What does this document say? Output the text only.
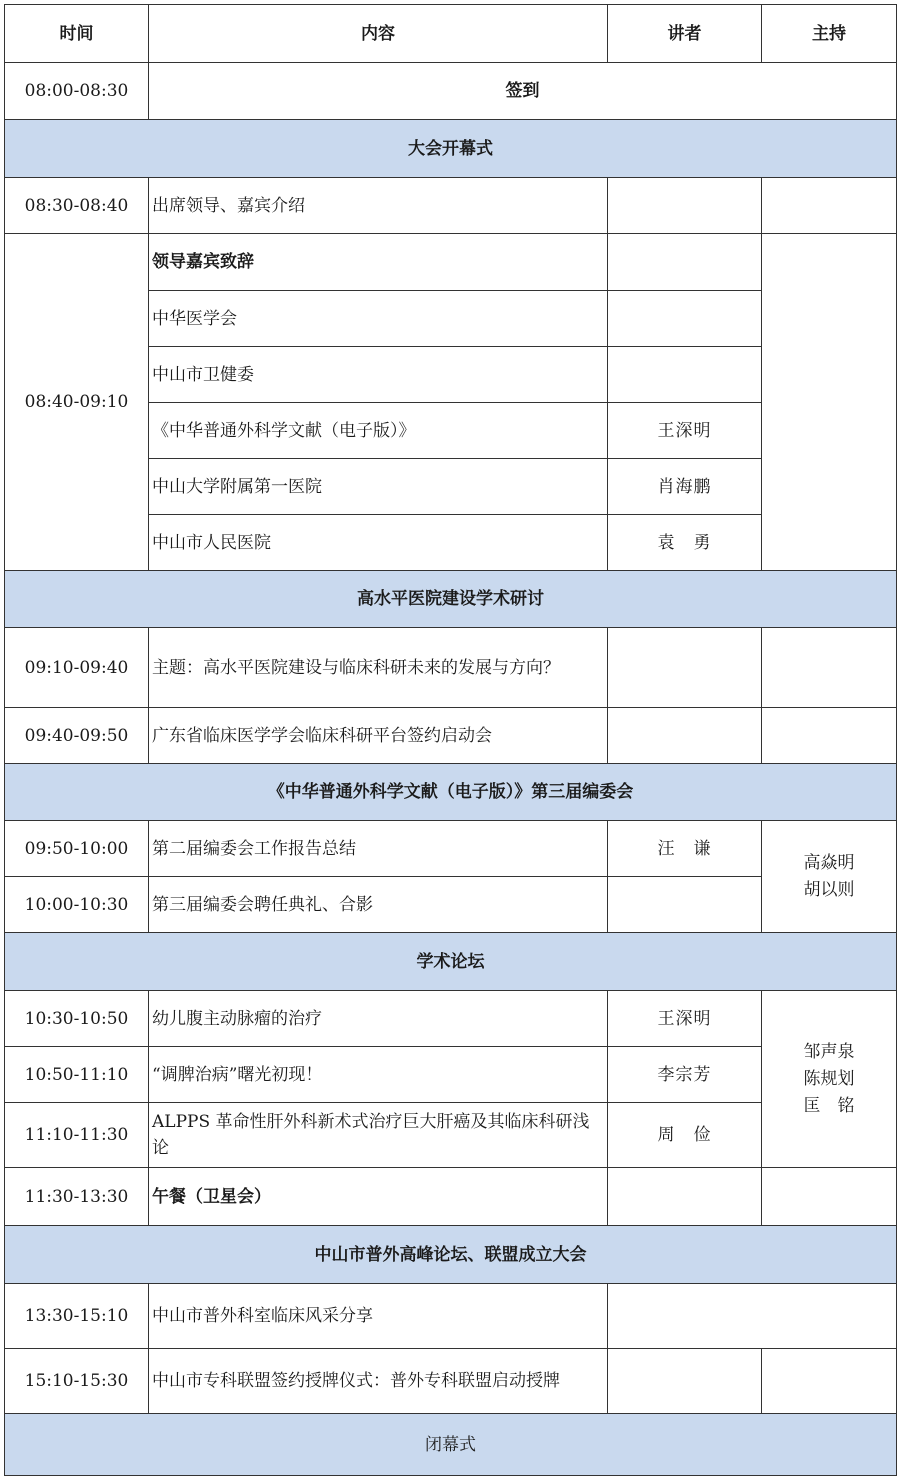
时间	内容	讲者	主持
08:00-08:30	签到		
大会开幕式			
08:30-08:40	出席领导、嘉宾介绍		
08:40-09:10	领导嘉宾致辞		
	中华医学会		
	中山市卫健委		
	《中华普通外科学文献（电子版）》	王深明	
	中山大学附属第一医院	肖海鹏	
	中山市人民医院	袁　勇	
高水平医院建设学术研讨			
09:10-09:40	主题：高水平医院建设与临床科研未来的发展与方向？		
09:40-09:50	广东省临床医学学会临床科研平台签约启动会		
《中华普通外科学文献（电子版）》第三届编委会			
09:50-10:00	第二届编委会工作报告总结	汪　谦	高焱明
胡以则

10:00-10:30	第三届编委会聘任典礼、合影		
学术论坛			
10:30-10:50	幼儿腹主动脉瘤的治疗	王深明	邹声泉
陈规划
匡　铭

10:50-11:10	“调脾治病”曙光初现！	李宗芳	
11:10-11:30	ALPPS 革命性肝外科新术式治疗巨大肝癌及其临床科研浅论	周　俭	
11:30-13:30	午餐（卫星会）		
中山市普外高峰论坛、联盟成立大会			
13:30-15:10	中山市普外科室临床风采分享		
15:10-15:30	中山市专科联盟签约授牌仪式：普外专科联盟启动授牌		
闭幕式			
